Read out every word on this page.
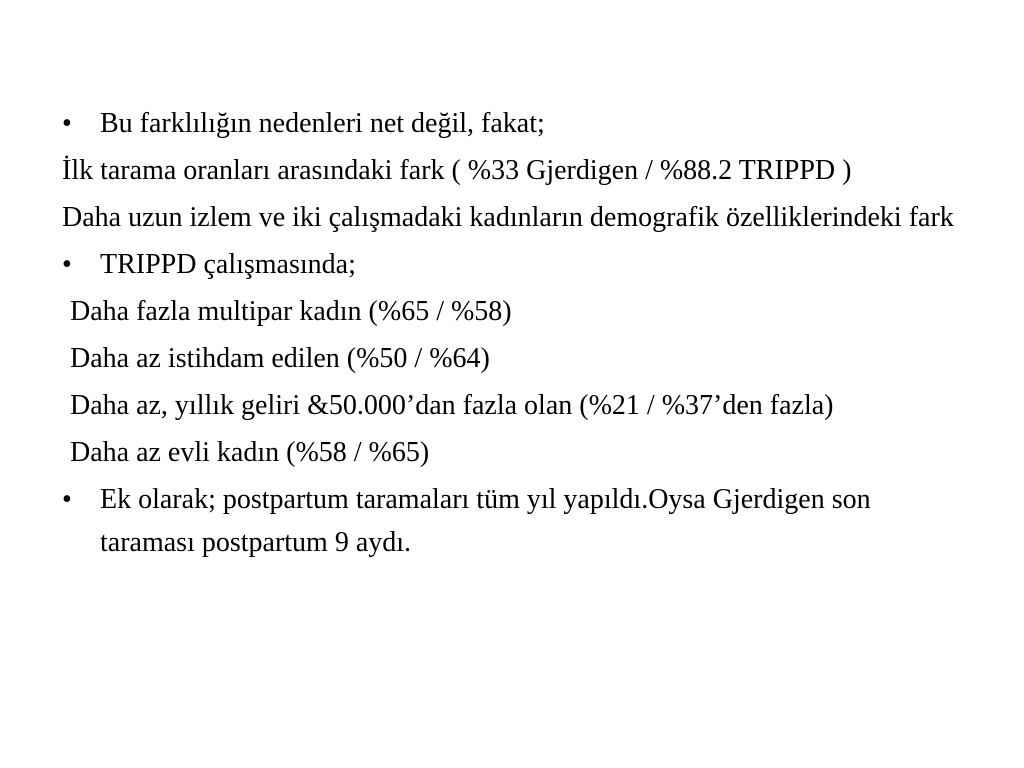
•	Bu farklılığın nedenleri net değil, fakat;
İlk tarama oranları arasındaki fark ( %33 Gjerdigen / %88.2 TRIPPD )
Daha uzun izlem ve iki çalışmadaki kadınların demografik özelliklerindeki fark
•	TRIPPD çalışmasında;
Daha fazla multipar kadın (%65 / %58)
Daha az istihdam edilen (%50 / %64)
Daha az, yıllık geliri &50.000’dan fazla olan (%21 / %37’den fazla)
Daha az evli kadın (%58 / %65)
•	Ek olarak; postpartum taramaları tüm yıl yapıldı.Oysa Gjerdigen son taraması postpartum 9 aydı.
